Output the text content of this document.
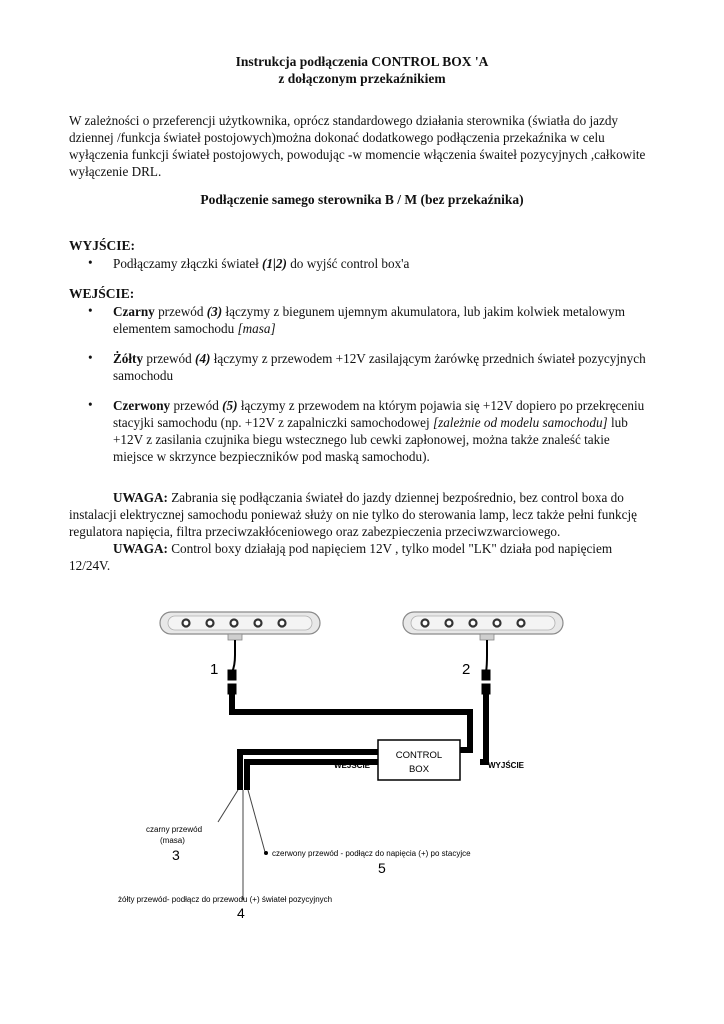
Instrukcja podłączenia CONTROL BOX 'A
z dołączonym przekaźnikiem
W zależności o przeferencji użytkownika, oprócz standardowego działania sterownika (światła do jazdy
dziennej /funkcja świateł postojowych)można dokonać dodatkowego podłączenia przekaźnika w celu
wyłączenia funkcji świateł postojowych, powodując -w momencie włączenia śwaiteł pozycyjnych ,całkowite
wyłączenie DRL.
Podłączenie samego sterownika B / M (bez przekaźnika)
WYJŚCIE:
• Podłączamy złączki świateł (1|2) do wyjść control box'a
WEJŚCIE:
• Czarny przewód (3) łączymy z biegunem ujemnym akumulatora, lub jakim kolwiek metalowym
elementem samochodu [masa]
• Żółty przewód (4) łączymy z przewodem +12V zasilającym żarówkę przednich świateł pozycyjnych
samochodu
• Czerwony przewód (5) łączymy z przewodem na którym pojawia się +12V dopiero po przekręceniu
stacyjki samochodu (np. +12V z zapalniczki samochodowej [zależnie od modelu samochodu] lub
+12V z zasilania czujnika biegu wstecznego lub cewki zapłonowej, można także znaleść takie
miejsce w skrzynce bezpieczników pod maską samochodu).
UWAGA: Zabrania się podłączania świateł do jazdy dziennej bezpośrednio, bez control boxa do
instalacji elektrycznej samochodu ponieważ służy on nie tylko do sterowania lamp, lecz także pełni funkcję
regulatora napięcia, filtra przeciwzakłóceniowego oraz zabezpieczenia przeciwzwarciowego.
UWAGA: Control boxy działają pod napięciem 12V , tylko model "LK" działa pod napięciem
12/24V.
CONTROL
BOX
WEJŚCIE	WYJŚCIE
1	2
czarny przewód
(masa)
3	czerwony przewód - podłącz do napięcia (+) po stacyjce
5
żółty przewód- podłącz do przewodu (+) świateł pozycyjnych
4
